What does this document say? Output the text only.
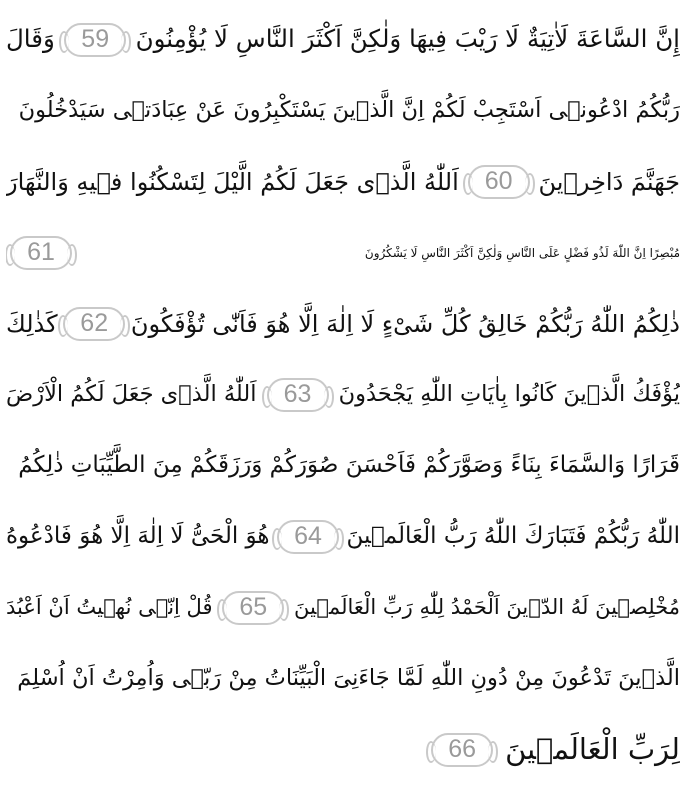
إِنَّ السَّاعَةَ لَاٰتِيَةٌ لَا رَيْبَ فِيهَا وَلٰكِنَّ اَكْثَرَ النَّاسِ لَا يُؤْمِنُونَ
59
وَقَالَ
رَبُّكُمُ ادْعُونٖى اَسْتَجِبْ لَكُمْ اِنَّ الَّذٖينَ يَسْتَكْبِرُونَ عَنْ عِبَادَتٖى سَيَدْخُلُونَ
جَهَنَّمَ دَاخِرٖينَ
60
اَللّٰهُ الَّذٖى جَعَلَ لَكُمُ الَّيْلَ لِتَسْكُنُوا فٖيهِ وَالنَّهَارَ
مُبْصِرًا اِنَّ اللّٰهَ لَذُو فَضْلٍ عَلَى النَّاسِ وَلٰكِنَّ اَكْثَرَ النَّاسِ لَا يَشْكُرُونَ
61
ذٰلِكُمُ اللّٰهُ رَبُّكُمْ خَالِقُ كُلِّ شَیْءٍ لَا اِلٰهَ اِلَّا هُوَ فَاَنّٰى تُؤْفَكُونَ
62
كَذٰلِكَ
يُؤْفَكُ الَّذٖينَ كَانُوا بِاٰيَاتِ اللّٰهِ يَجْحَدُونَ
63
اَللّٰهُ الَّذٖى جَعَلَ لَكُمُ الْاَرْضَ
قَرَارًا وَالسَّمَاءَ بِنَاءً وَصَوَّرَكُمْ فَاَحْسَنَ صُوَرَكُمْ وَرَزَقَكُمْ مِنَ الطَّيِّبَاتِ ذٰلِكُمُ
اللّٰهُ رَبُّكُمْ فَتَبَارَكَ اللّٰهُ رَبُّ الْعَالَمٖينَ
64
هُوَ الْحَیُّ لَا اِلٰهَ اِلَّا هُوَ فَادْعُوهُ
مُخْلِصٖينَ لَهُ الدّٖينَ اَلْحَمْدُ لِلّٰهِ رَبِّ الْعَالَمٖينَ
65
قُلْ اِنّٖى نُهٖيتُ اَنْ اَعْبُدَ
الَّذٖينَ تَدْعُونَ مِنْ دُونِ اللّٰهِ لَمَّا جَاءَنِىَ الْبَيِّنَاتُ مِنْ رَبّٖى وَاُمِرْتُ اَنْ اُسْلِمَ
لِرَبِّ الْعَالَمٖينَ
66
